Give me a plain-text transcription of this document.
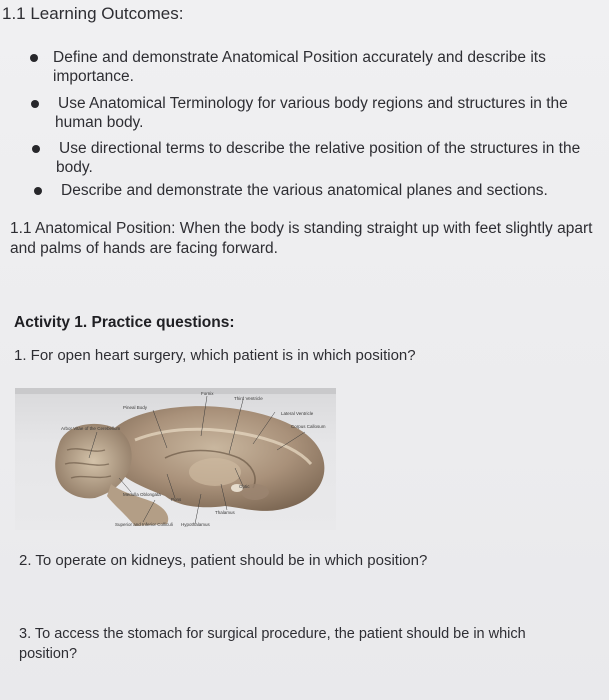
1.1 Learning Outcomes:
Define and demonstrate Anatomical Position accurately and describe its
importance.
Use Anatomical Terminology for various body regions and structures in the
human body.
Use directional terms to describe the relative position of the structures in the
body.
Describe and demonstrate the various anatomical planes and sections.
1.1 Anatomical Position: When the body is standing straight up with feet slightly apart
and palms of hands are facing forward.
Activity 1. Practice questions:
1. For open heart surgery, which patient is in which position?
Pineal Body
Fornix
Third Ventricle
Lateral Ventricle
Corpus Callosum
Arbor Vitae of the Cerebellum
Medulla Oblongata
Pons
Optic
Thalamus
Superior and Inferior Colliculi Hypothalamus
2. To operate on kidneys, patient should be in which position?
3. To access the stomach for surgical procedure, the patient should be in which
position?
